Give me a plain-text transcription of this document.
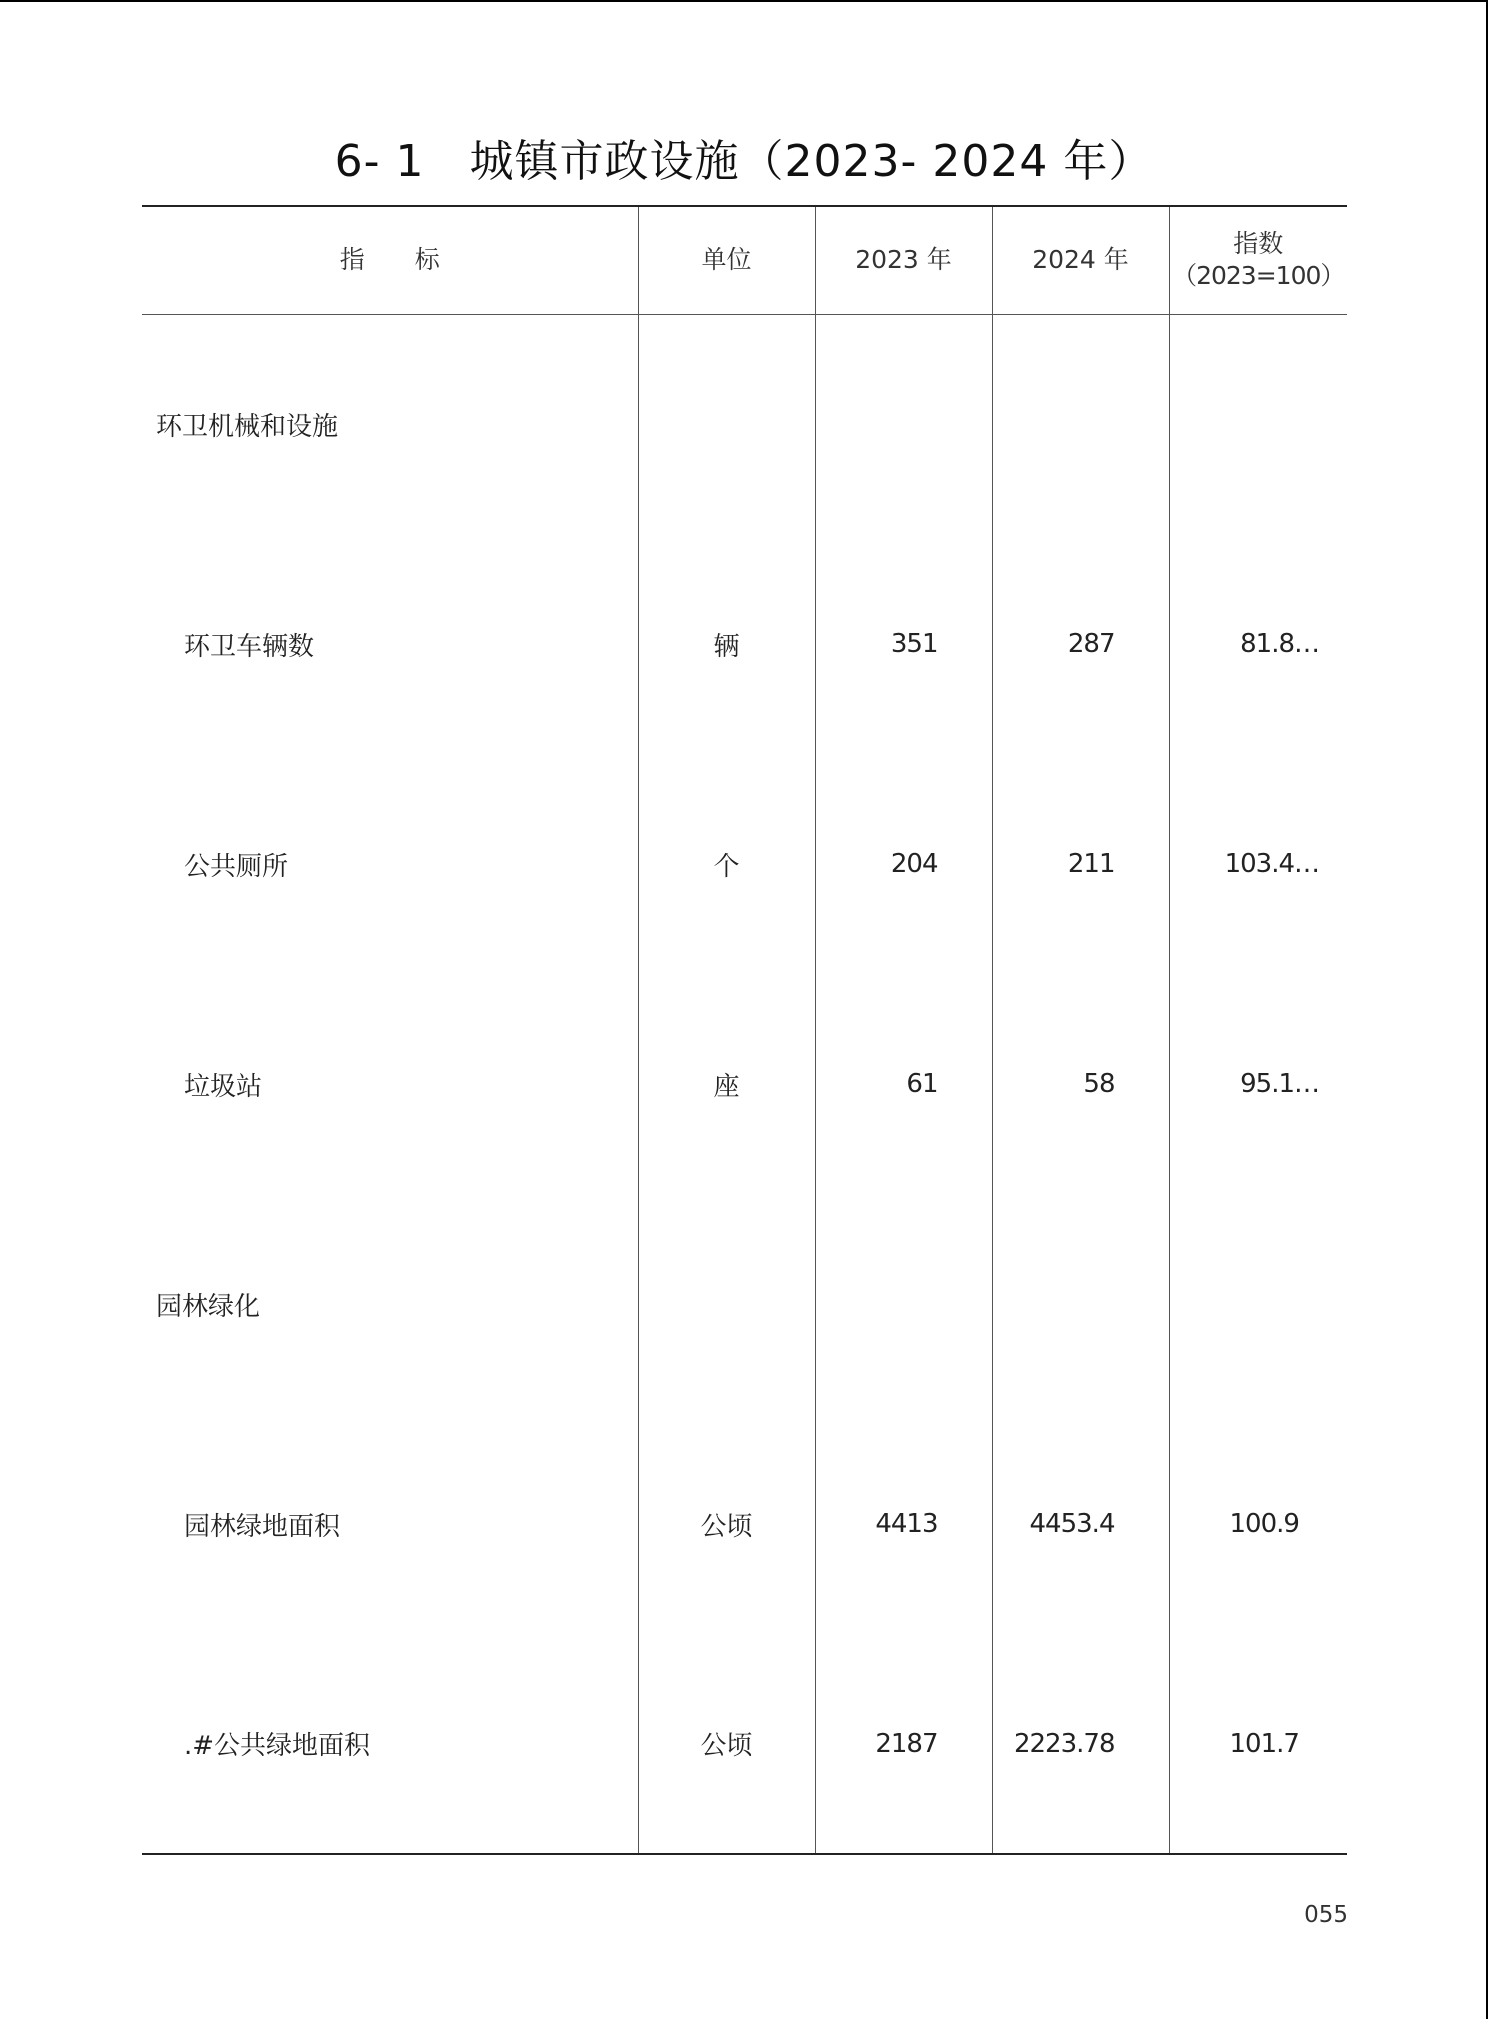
6- 1　城镇市政设施（2023- 2024 年）
指　　标	单位	2023 年	2024 年	指数
（2023=100）

环卫机械和设施				
环卫车辆数	辆	351	287	81.8…
公共厕所	个	204	211	103.4…
垃圾站	座	61	58	95.1…
园林绿化				
园林绿地面积	公顷	4413	4453.4	100.9
.#公共绿地面积	公顷	2187	2223.78	101.7
055
